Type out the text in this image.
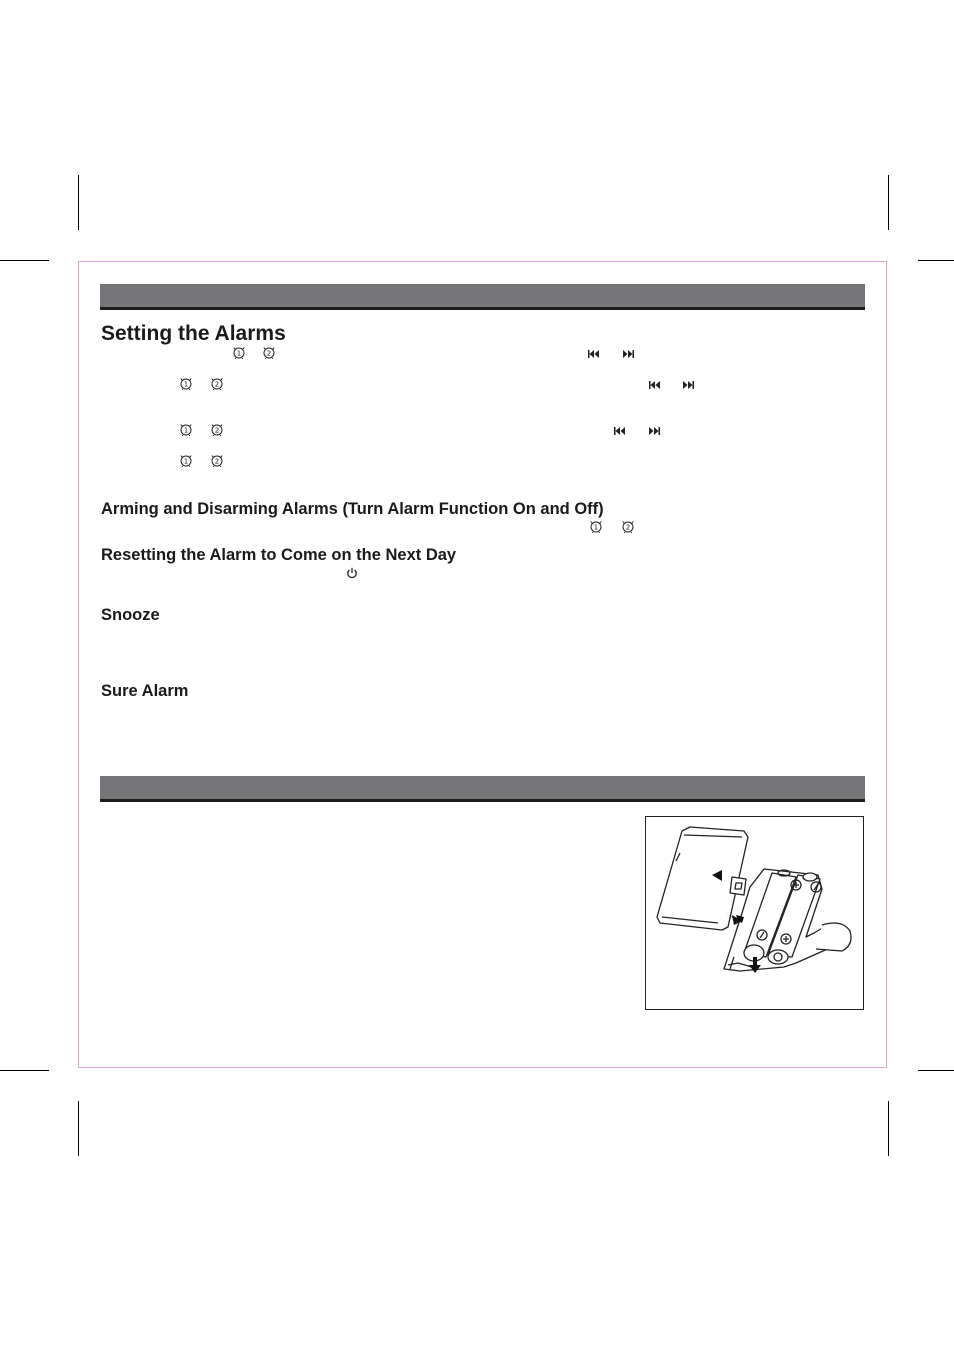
Setting the Alarms
Arming and Disarming Alarms (Turn Alarm Function On and Off)
Resetting the Alarm to Come on the Next Day
Snooze
Sure Alarm
1	2
1	2
1	2
1	2
1	2
